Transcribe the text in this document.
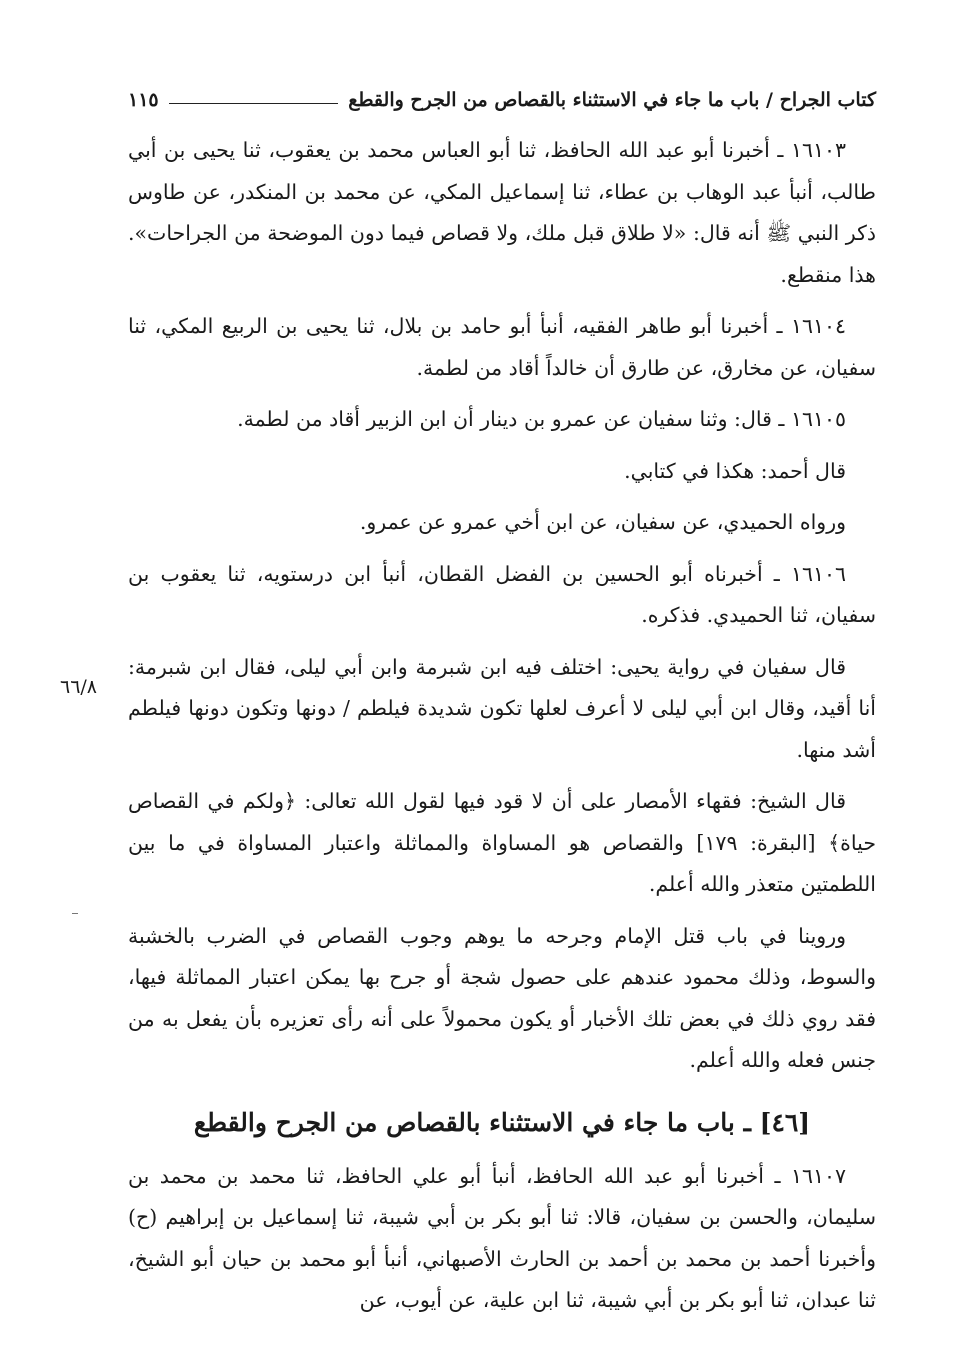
كتاب الجراح / باب ما جاء في الاستثناء بالقصاص من الجرح والقطع
١١٥

١٦١٠٣ ـ أخبرنا أبو عبد الله الحافظ، ثنا أبو العباس محمد بن يعقوب، ثنا يحيى بن أبي طالب، أنبأ عبد الوهاب بن عطاء، ثنا إسماعيل المكي، عن محمد بن المنكدر، عن طاوس ذكر النبي ﷺ أنه قال: «لا طلاق قبل ملك، ولا قصاص فيما دون الموضحة من الجراحات». هذا منقطع.

١٦١٠٤ ـ أخبرنا أبو طاهر الفقيه، أنبأ أبو حامد بن بلال، ثنا يحيى بن الربيع المكي، ثنا سفيان، عن مخارق، عن طارق أن خالداً أقاد من لطمة.

١٦١٠٥ ـ قال: وثنا سفيان عن عمرو بن دينار أن ابن الزبير أقاد من لطمة.

قال أحمد: هكذا في كتابي.

ورواه الحميدي، عن سفيان، عن ابن أخي عمرو عن عمرو.

١٦١٠٦ ـ أخبرناه أبو الحسين بن الفضل القطان، أنبأ ابن درستويه، ثنا يعقوب بن سفيان، ثنا الحميدي. فذكره.

قال سفيان في رواية يحيى: اختلف فيه ابن شبرمة وابن أبي ليلى، فقال ابن شبرمة: أنا أقيد، وقال ابن أبي ليلى لا أعرف لعلها تكون شديدة فيلطم / دونها وتكون دونها فيلطم أشد منها.

قال الشيخ: فقهاء الأمصار على أن لا قود فيها لقول الله تعالى: ﴿ولكم في القصاص حياة﴾ [البقرة: ١٧٩] والقصاص هو المساواة والمماثلة واعتبار المساواة في ما بين اللطمتين متعذر والله أعلم.

وروينا في باب قتل الإمام وجرحه ما يوهم وجوب القصاص في الضرب بالخشبة والسوط، وذلك محمود عندهم على حصول شجة أو جرح بها يمكن اعتبار المماثلة فيها، فقد روي ذلك في بعض تلك الأخبار أو يكون محمولاً على أنه رأى تعزيره بأن يفعل به من جنس فعله والله أعلم.

[٤٦] ـ باب ما جاء في الاستثناء بالقصاص من الجرح والقطع

١٦١٠٧ ـ أخبرنا أبو عبد الله الحافظ، أنبأ أبو علي الحافظ، ثنا محمد بن محمد بن سليمان، والحسن بن سفيان، قالا: ثنا أبو بكر بن أبي شيبة، ثنا إسماعيل بن إبراهيم (ح) وأخبرنا أحمد بن محمد بن أحمد بن الحارث الأصبهاني، أنبأ أبو محمد بن حيان أبو الشيخ، ثنا عبدان، ثنا أبو بكر بن أبي شيبة، ثنا ابن علية، عن أيوب، عن

٦٦/٨
